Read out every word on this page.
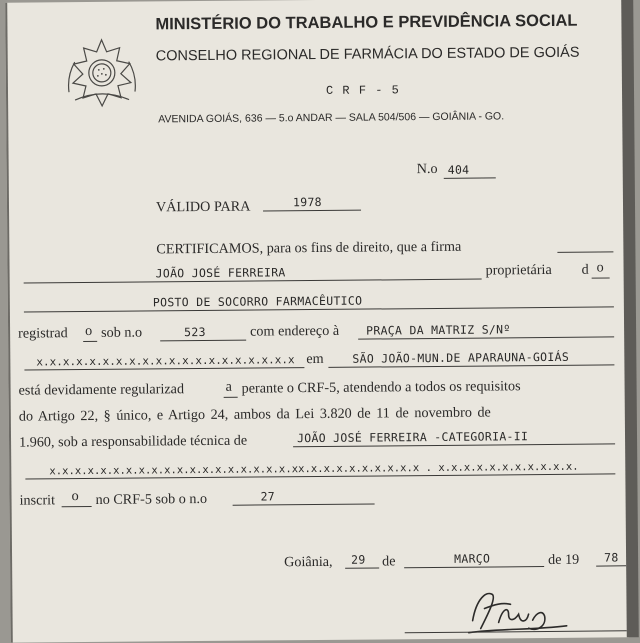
MINISTÉRIO DO TRABALHO E PREVIDÊNCIA SOCIAL
CONSELHO REGIONAL DE FARMÁCIA DO ESTADO DE GOIÁS
C R F - 5
AVENIDA GOIÁS, 636 — 5.o ANDAR — SALA 504/506 — GOIÂNIA - GO.
N.o 404
VÁLIDO PARA	1978
CERTIFICAMOS, para os fins de direito, que a firma
JOÃO JOSÉ FERREIRA	proprietária d o
POSTO DE SOCORRO FARMACÊUTICO
registrad o sob n.o	523	com endereço à PRAÇA DA MATRIZ S/Nº
x.x.x.x.x.x.x.x.x.x.x.x.x.x.x.x.x.x.x.x em SÃO JOÃO-MUN.DE APARAUNA-GOIÁS
está devidamente regularizad	a perante o CRF-5, atendendo a todos os requisitos
do Artigo 22, § único, e Artigo 24, ambos da Lei 3.820 de 11 de novembro de
1.960, sob a responsabilidade técnica de	JOÃO JOSÉ FERREIRA -CATEGORIA-II
x.x.x.x.x.x.x.x.x.x.x.x.x.x.x.x.x.x.x.xx.x.x.x.x.x.x.x.x.x . x.x.x.x.x.x.x.x.x.x.x.
inscrit o no CRF-5 sob o n.o	27
Goiânia, 29 de	MARÇO	de 19 78
